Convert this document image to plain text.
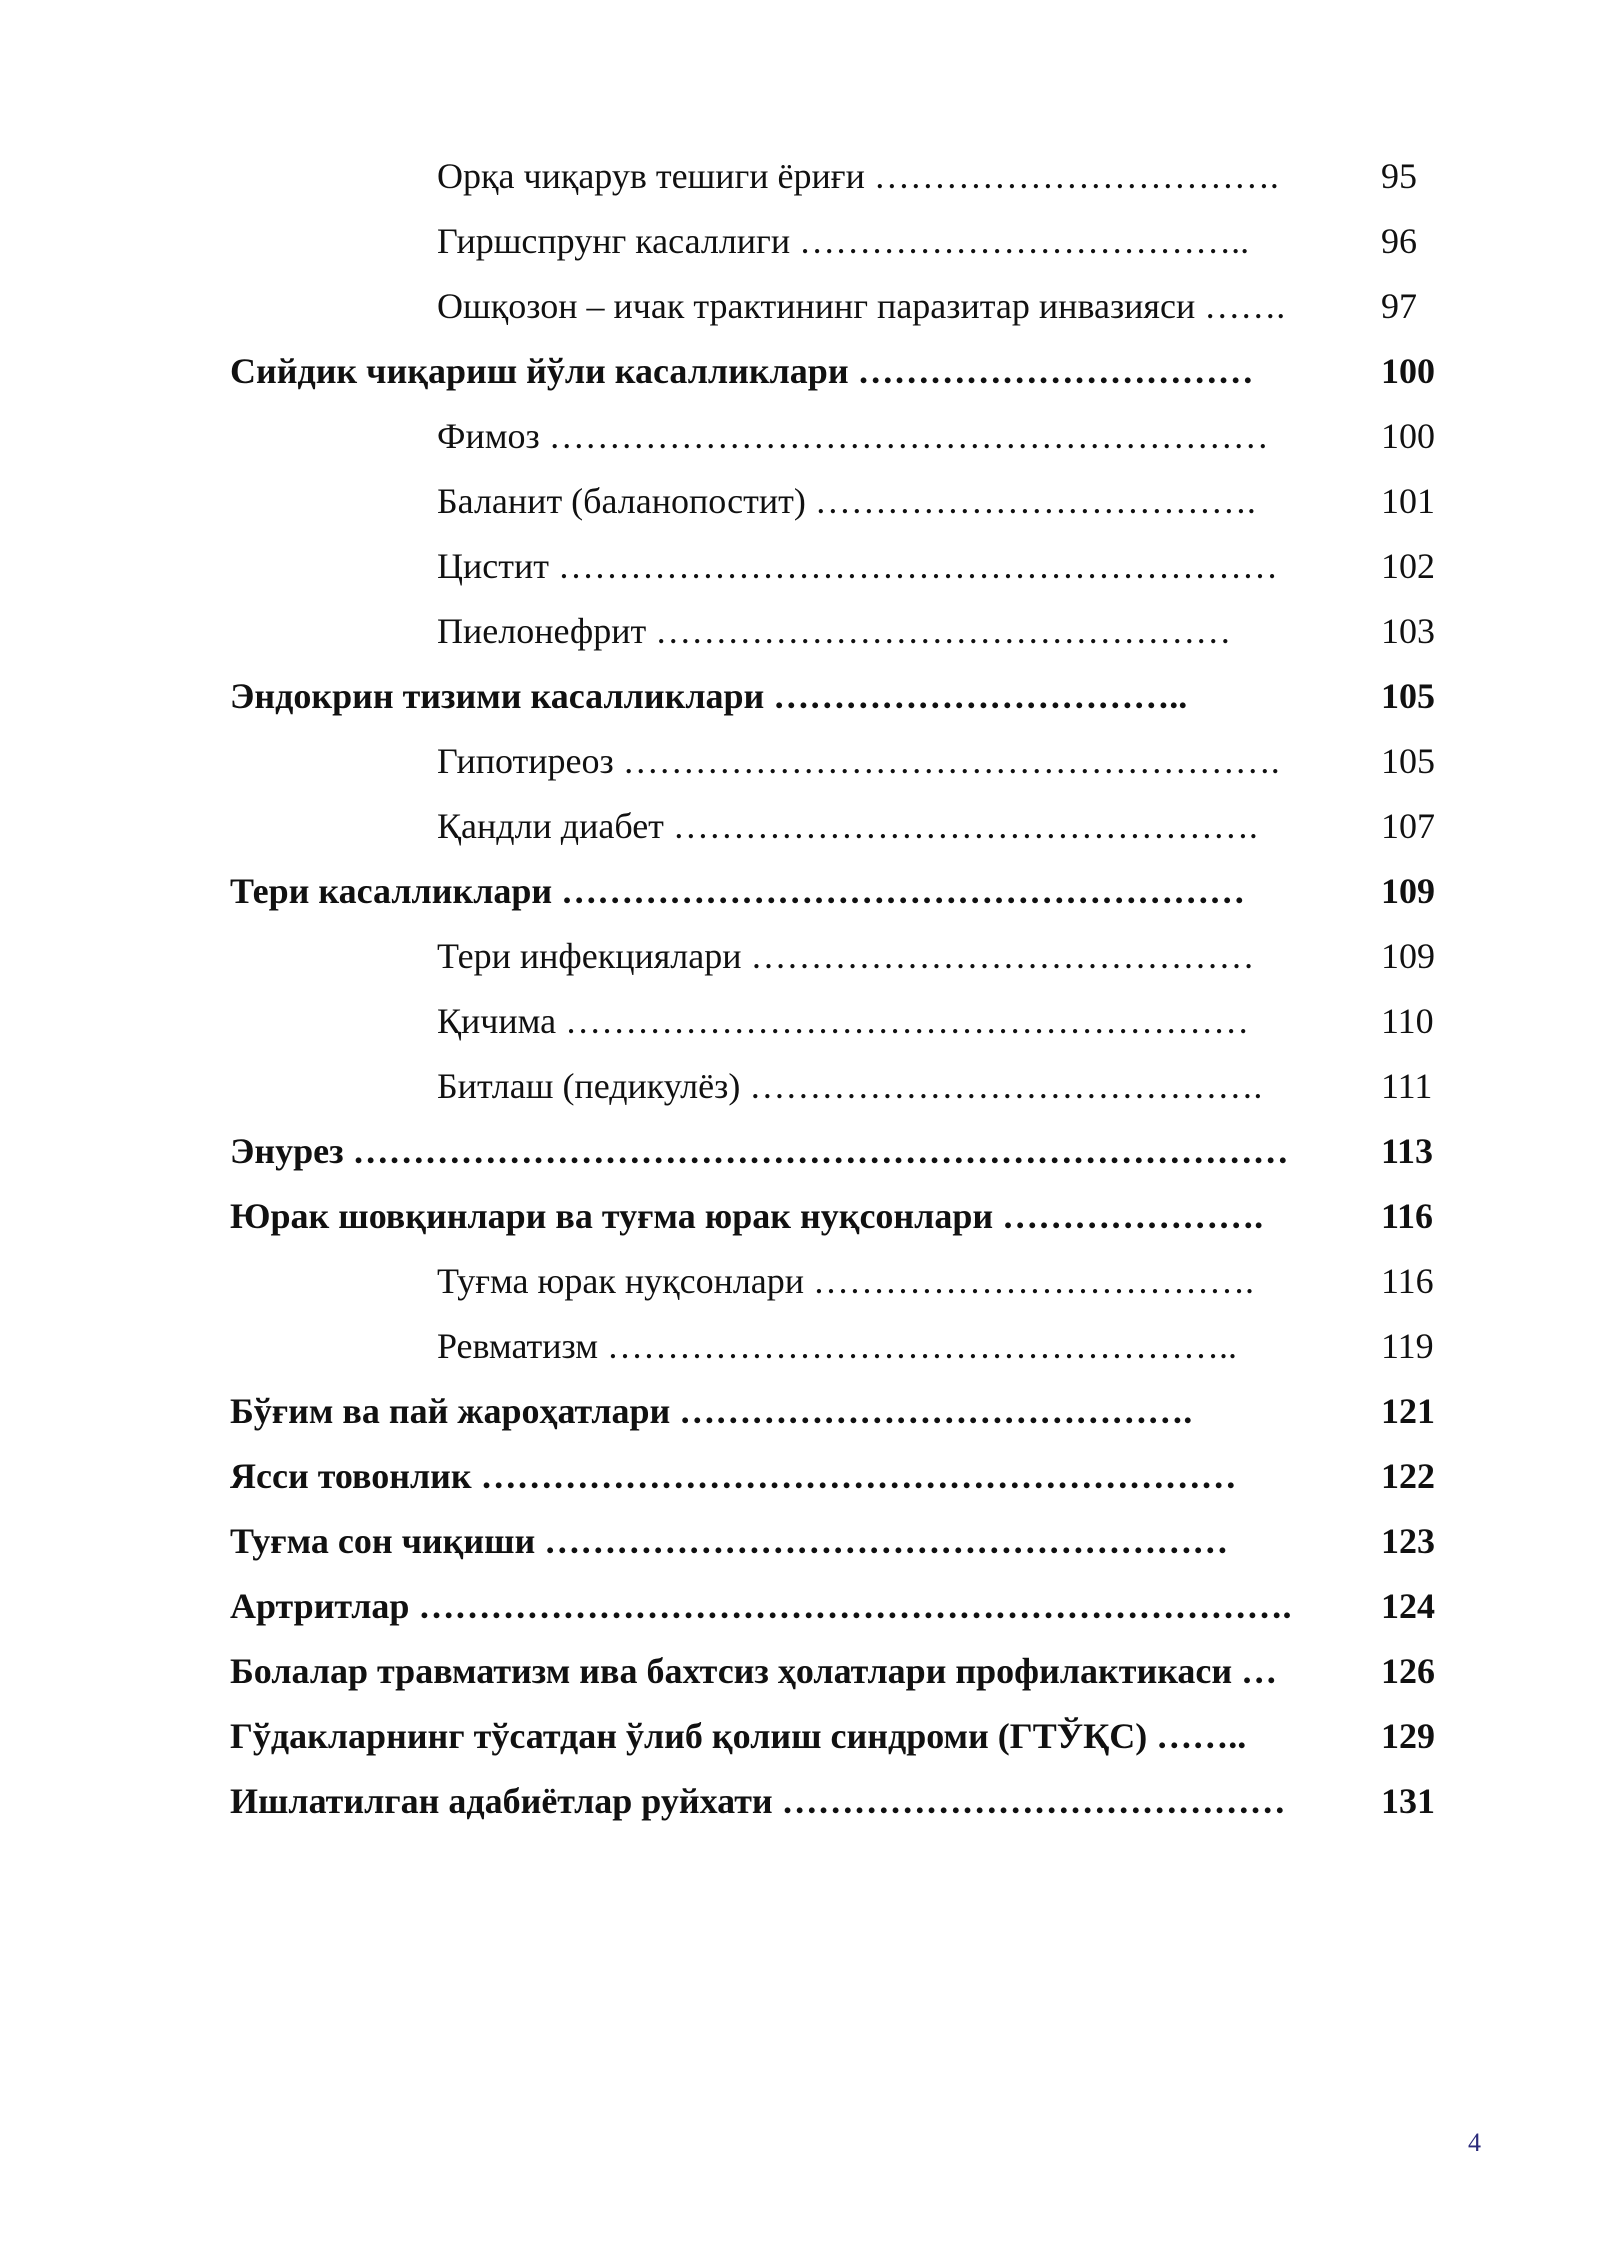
Орқа чиқарув тешиги ёриғи …………………………….	95
Гиршспрунг касаллиги ………………………………..	96
Ошқозон – ичак трактининг паразитар инвазияси …….	97
Сийдик чиқариш йўли касалликлари ……………………………	100
Фимоз ……………………………………………………	100
Баланит (баланопостит) ……………………………….	101
Цистит ……………………………………………………	102
Пиелонефрит …………………………………………	103
Эндокрин тизими касалликлари ……………………………..	105
Гипотиреоз ……………………………………………….	105
Қандли диабет ………………………………………….	107
Тери касалликлари …………………………………………………	109
Тери инфекциялари ……………………………………	109
Қичима …………………………………………………	110
Битлаш (педикулёз) …………………………………….	111
Энурез ……………………………………………………………………	113
Юрак шовқинлари ва туғма юрак нуқсонлари ………………….	116
Туғма юрак нуқсонлари ……………………………….	116
Ревматизм ……………………………………………..	119
Бўғим ва пай жароҳатлари …………………………………….	121
Ясси товонлик ………………………………………………………	122
Туғма сон чиқиши …………………………………………………	123
Артритлар ………………………………………………………………. 124
Болалар травматизм ива бахтсиз ҳолатлари профилактикаси …	126
Гўдакларнинг тўсатдан ўлиб қолиш синдроми (ГТЎҚС) ……..	129
Ишлатилган адабиётлар руйхати ……………………………………	131
4
